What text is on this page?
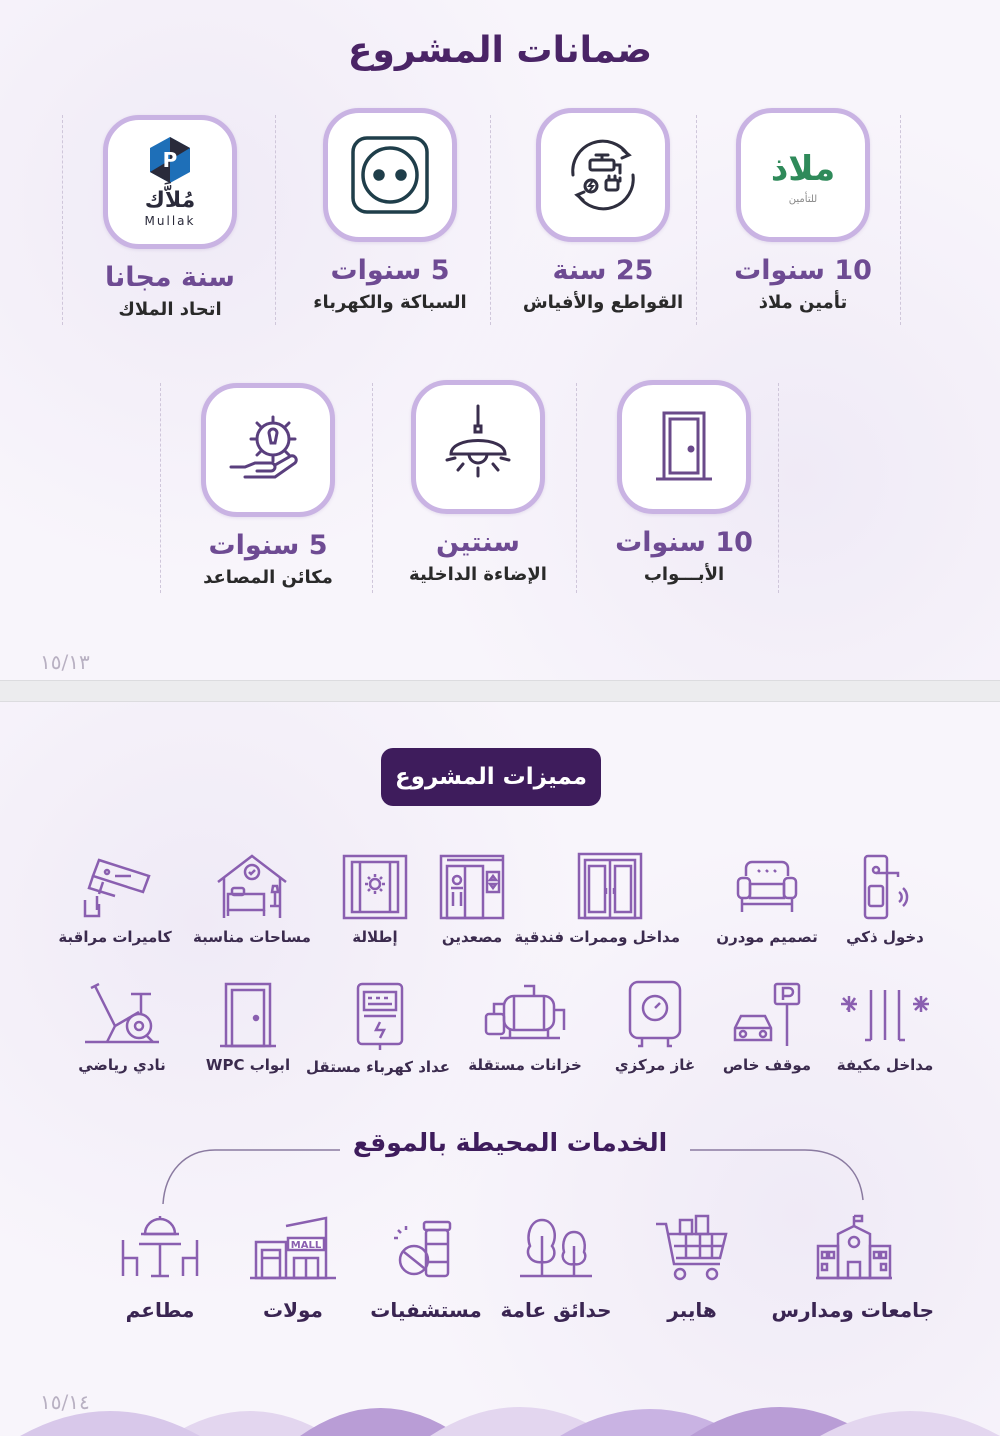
ضمانات المشروع
ملاذ
للتأمين
10 سنوات
تأمين ملاذ
25 سنة
القواطع والأفياش
5 سنوات
السباكة والكهرباء
P
مُلاَّك
Mullak
سنة مجانا
اتحاد الملاك
10 سنوات
الأبـــواب
سنتين
الإضاءة الداخلية
5 سنوات
مكائن المصاعد
١٥/١٣
مميزات المشروع
دخول ذكي
تصميم مودرن
مداخل وممرات فندقية
مصعدين
إطلالة
مساحات مناسبة
كاميرات مراقبة
مداخل مكيفة
موقف خاص
غاز مركزي
خزانات مستقلة
عداد كهرباء مستقل
ابواب WPC
نادي رياضي
الخدمات المحيطة بالموقع
جامعات ومدارس
هايبر
حدائق عامة
مستشفيات
MALL
مولات
مطاعم
١٥/١٤
